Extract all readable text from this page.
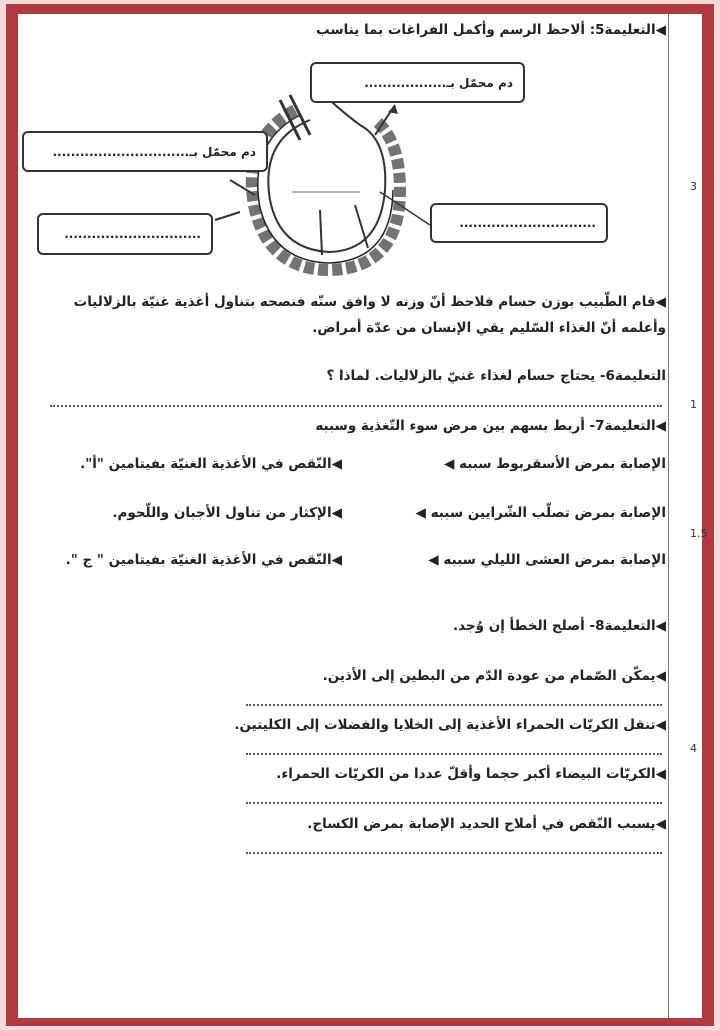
◀التعليمة5: ألاحظ الرسم وأكمل الفراغات بما يناسب
دم محمّل بـ..................
دم محمّل بـ..............................
..............................
..............................
3
◀قام الطّبيب بوزن حسام فلاحظ أنّ وزنه لا وافق سنّه فنصحه بتناول أغذية غنيّة بالزلاليات
وأعلمه أنّ الغذاء السّليم يقي الإنسان من عدّة أمراض.
التعليمة6- يحتاج حسام لغذاء غنيّ بالزلاليات. لماذا ؟
1
◀التعليمة7- أربط بسهم بين مرض سوء التّغذية وسببه
الإصابة بمرض الأسقربوط سببه ◀
◀النّقص في الأغذية الغنيّة بفيتامين "أ".
الإصابة بمرض تصلّب الشّرايين سببه ◀
◀الإكثار من تناول الأجبان واللّحوم.
الإصابة بمرض العشى الليلي سببه ◀
◀النّقص في الأغذية الغنيّة بفيتامين " ج ".
1.5
◀التعليمة8- أصلح الخطأ إن وُجد.
◀يمكّن الصّمام من عودة الدّم من البطين إلى الأذين.
◀تنقل الكريّات الحمراء الأغذية إلى الخلايا والفضلات إلى الكليتين.
◀الكريّات البيضاء أكبر حجما وأقلّ عددا من الكريّات الحمراء.
◀يسبب النّقص في أملاح الحديد الإصابة بمرض الكساح.
4
